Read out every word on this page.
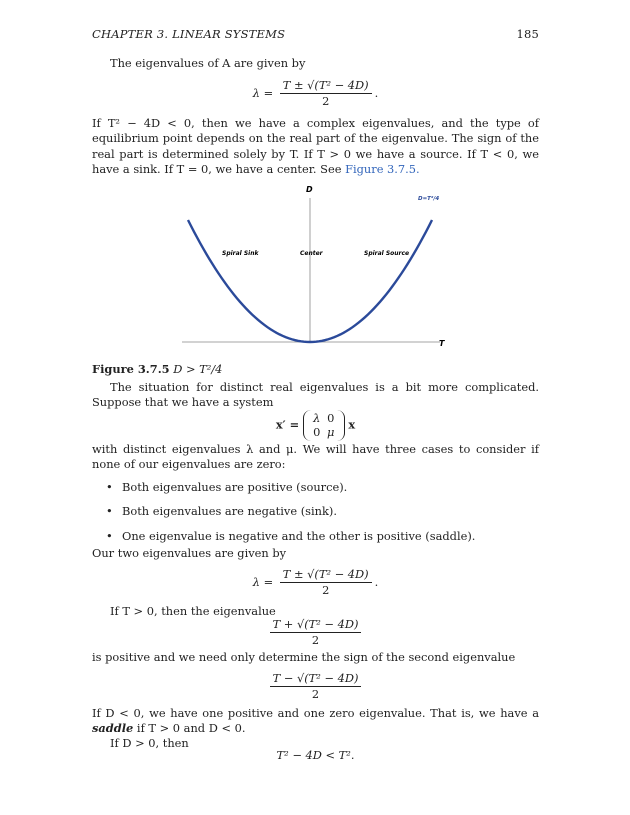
CHAPTER 3. LINEAR SYSTEMS	185
The eigenvalues of A are given by
$\lambda = \frac{\text{T ± √(T² − 4D)}}{2}$ .
If T² − 4D < 0, then we have a complex eigenvalues, and the type of equilibrium point depends on the real part of the eigenvalue. The sign of the real part is determined solely by T. If T > 0 we have a source. If T < 0, we have a sink. If T = 0, we have a center. See Figure 3.7.5.
D
T
Spiral Sink	Center	Spiral Source
D=T²/4
Figure 3.7.5 D > T²/4
The situation for distinct real eigenvalues is a bit more complicated. Suppose that we have a system
x′ = λ 0
0 μ x
with distinct eigenvalues λ and μ. We will have three cases to consider if none of our eigenvalues are zero:
• Both eigenvalues are positive (source).
• Both eigenvalues are negative (sink).
• One eigenvalue is negative and the other is positive (saddle).
Our two eigenvalues are given by
$\lambda = \frac{\text{T ± √(T² − 4D)}}{2}$ .
If T > 0, then the eigenvalue
$\frac{\text{T + √(T² − 4D)}}{2}$
is positive and we need only determine the sign of the second eigenvalue
$\frac{\text{T − √(T² − 4D)}}{2}$
If D < 0, we have one positive and one zero eigenvalue. That is, we have a saddle if T > 0 and D < 0.
If D > 0, then
T² − 4D < T².
